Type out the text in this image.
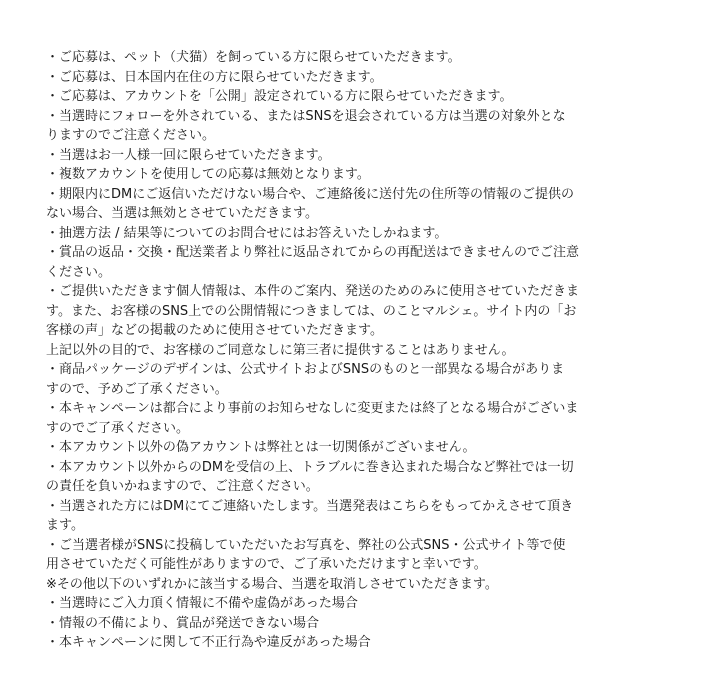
・ご応募は、ペット（犬猫）を飼っている方に限らせていただきます。
・ご応募は、日本国内在住の方に限らせていただきます。
・ご応募は、アカウントを「公開」設定されている方に限らせていただきます。
・当選時にフォローを外されている、またはSNSを退会されている方は当選の対象外とな
りますのでご注意ください。
・当選はお一人様一回に限らせていただきます。
・複数アカウントを使用しての応募は無効となります。
・期限内にDMにご返信いただけない場合や、ご連絡後に送付先の住所等の情報のご提供の
ない場合、当選は無効とさせていただきます。
・抽選方法 / 結果等についてのお問合せにはお答えいたしかねます。
・賞品の返品・交換・配送業者より弊社に返品されてからの再配送はできませんのでご注意
ください。
・ご提供いただきます個人情報は、本件のご案内、発送のためのみに使用させていただきま
す。また、お客様のSNS上での公開情報につきましては、のことマルシェ。サイト内の「お
客様の声」などの掲載のために使用させていただきます。
上記以外の目的で、お客様のご同意なしに第三者に提供することはありません。
・商品パッケージのデザインは、公式サイトおよびSNSのものと一部異なる場合がありま
すので、予めご了承ください。
・本キャンペーンは都合により事前のお知らせなしに変更または終了となる場合がございま
すのでご了承ください。
・本アカウント以外の偽アカウントは弊社とは一切関係がございません。
・本アカウント以外からのDMを受信の上、トラブルに巻き込まれた場合など弊社では一切
の責任を負いかねますので、ご注意ください。
・当選された方にはDMにてご連絡いたします。当選発表はこちらをもってかえさせて頂き
ます。
・ご当選者様がSNSに投稿していただいたお写真を、弊社の公式SNS・公式サイト等で使
用させていただく可能性がありますので、ご了承いただけますと幸いです。
※その他以下のいずれかに該当する場合、当選を取消しさせていただきます。
・当選時にご入力頂く情報に不備や虚偽があった場合
・情報の不備により、賞品が発送できない場合
・本キャンペーンに関して不正行為や違反があった場合
